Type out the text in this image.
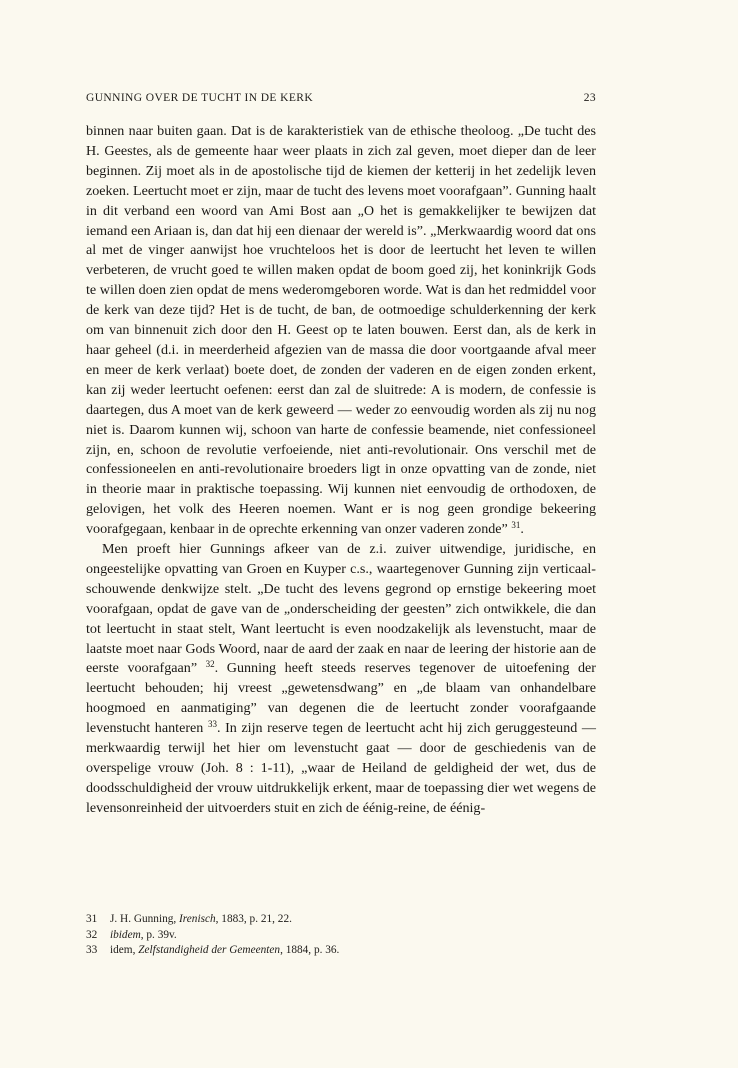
GUNNING OVER DE TUCHT IN DE KERK	23

binnen naar buiten gaan. Dat is de karakteristiek van de ethische theoloog. „De tucht des H. Geestes, als de gemeente haar weer plaats in zich zal geven, moet dieper dan de leer beginnen. Zij moet als in de apostolische tijd de kiemen der ketterij in het zedelijk leven zoeken. Leertucht moet er zijn, maar de tucht des levens moet voorafgaan”. Gunning haalt in dit verband een woord van Ami Bost aan „O het is gemakkelijker te bewijzen dat iemand een Ariaan is, dan dat hij een dienaar der wereld is”. „Merkwaardig woord dat ons al met de vinger aanwijst hoe vruchteloos het is door de leertucht het leven te willen verbeteren, de vrucht goed te willen maken opdat de boom goed zij, het koninkrijk Gods te willen doen zien opdat de mens wederomgeboren worde. Wat is dan het redmiddel voor de kerk van deze tijd? Het is de tucht, de ban, de ootmoedige schulderkenning der kerk om van binnenuit zich door den H. Geest op te laten bouwen. Eerst dan, als de kerk in haar geheel (d.i. in meerderheid afgezien van de massa die door voortgaande afval meer en meer de kerk verlaat) boete doet, de zonden der vaderen en de eigen zonden erkent, kan zij weder leertucht oefenen: eerst dan zal de sluitrede: A is modern, de confessie is daartegen, dus A moet van de kerk geweerd — weder zo eenvoudig worden als zij nu nog niet is. Daarom kunnen wij, schoon van harte de confessie beamende, niet confessioneel zijn, en, schoon de revolutie verfoeiende, niet anti-revolutionair. Ons verschil met de confessioneelen en anti-revolutionaire broeders ligt in onze opvatting van de zonde, niet in theorie maar in praktische toepassing. Wij kunnen niet eenvoudig de orthodoxen, de gelovigen, het volk des Heeren noemen. Want er is nog geen grondige bekeering voorafgegaan, kenbaar in de oprechte erkenning van onzer vaderen zonde” $^{31}$.

Men proeft hier Gunnings afkeer van de z.i. zuiver uitwendige, juridische, en ongeestelijke opvatting van Groen en Kuyper c.s., waartegenover Gunning zijn verticaal-schouwende denkwijze stelt. „De tucht des levens gegrond op ernstige bekeering moet voorafgaan, opdat de gave van de „onderscheiding der geesten” zich ontwikkele, die dan tot leertucht in staat stelt, Want leertucht is even noodzakelijk als levenstucht, maar de laatste moet naar Gods Woord, naar de aard der zaak en naar de leering der historie aan de eerste voorafgaan” $^{32}$. Gunning heeft steeds reserves tegenover de uitoefening der leertucht behouden; hij vreest „gewetensdwang” en „de blaam van onhandelbare hoogmoed en aanmatiging” van degenen die de leertucht zonder voorafgaande levenstucht hanteren $^{33}$. In zijn reserve tegen de leertucht acht hij zich geruggesteund — merkwaardig terwijl het hier om levenstucht gaat — door de geschiedenis van de overspelige vrouw (Joh. 8 : 1-11), „waar de Heiland de geldigheid der wet, dus de doodsschuldigheid der vrouw uitdrukkelijk erkent, maar de toepassing dier wet wegens de levensonreinheid der uitvoerders stuit en zich de éénig-reine, de éénig-

31 J. H. Gunning, Irenisch, 1883, p. 21, 22.
32 ibidem, p. 39v.
33 idem, Zelfstandigheid der Gemeenten, 1884, p. 36.
